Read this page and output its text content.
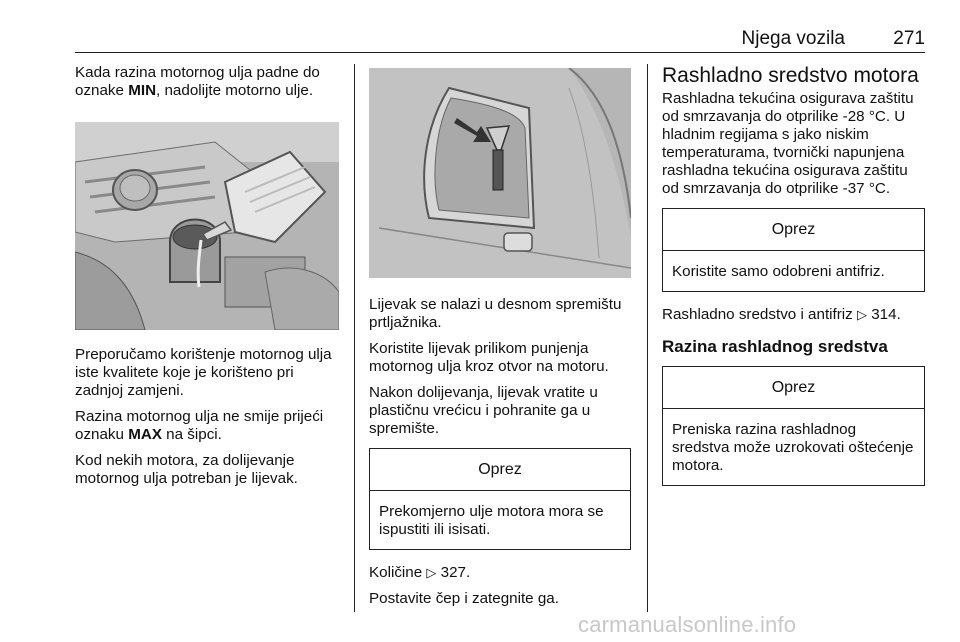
Njega vozila	271

Kada razina motornog ulja padne do oznake MIN, nadolijte motorno ulje.

Preporučamo korištenje motornog ulja iste kvalitete koje je korišteno pri zadnjoj zamjeni.

Razina motornog ulja ne smije prijeći oznaku MAX na šipci.

Kod nekih motora, za dolijevanje motornog ulja potreban je lijevak.

Lijevak se nalazi u desnom spremištu prtljažnika.

Koristite lijevak prilikom punjenja motornog ulja kroz otvor na motoru.

Nakon dolijevanja, lijevak vratite u plastičnu vrećicu i pohranite ga u spremište.

Oprez
Prekomjerno ulje motora mora se ispustiti ili isisati.

Količine ▷ 327.

Postavite čep i zategnite ga.

Rashladno sredstvo motora

Rashladna tekućina osigurava zaštitu od smrzavanja do otprilike -28 °C. U hladnim regijama s jako niskim temperaturama, tvornički napunjena rashladna tekućina osigurava zaštitu od smrzavanja do otprilike -37 °C.

Oprez
Koristite samo odobreni antifriz.

Rashladno sredstvo i antifriz ▷ 314.

Razina rashladnog sredstva
Oprez
Preniska razina rashladnog sredstva može uzrokovati oštećenje motora.
carmanualsonline.info
